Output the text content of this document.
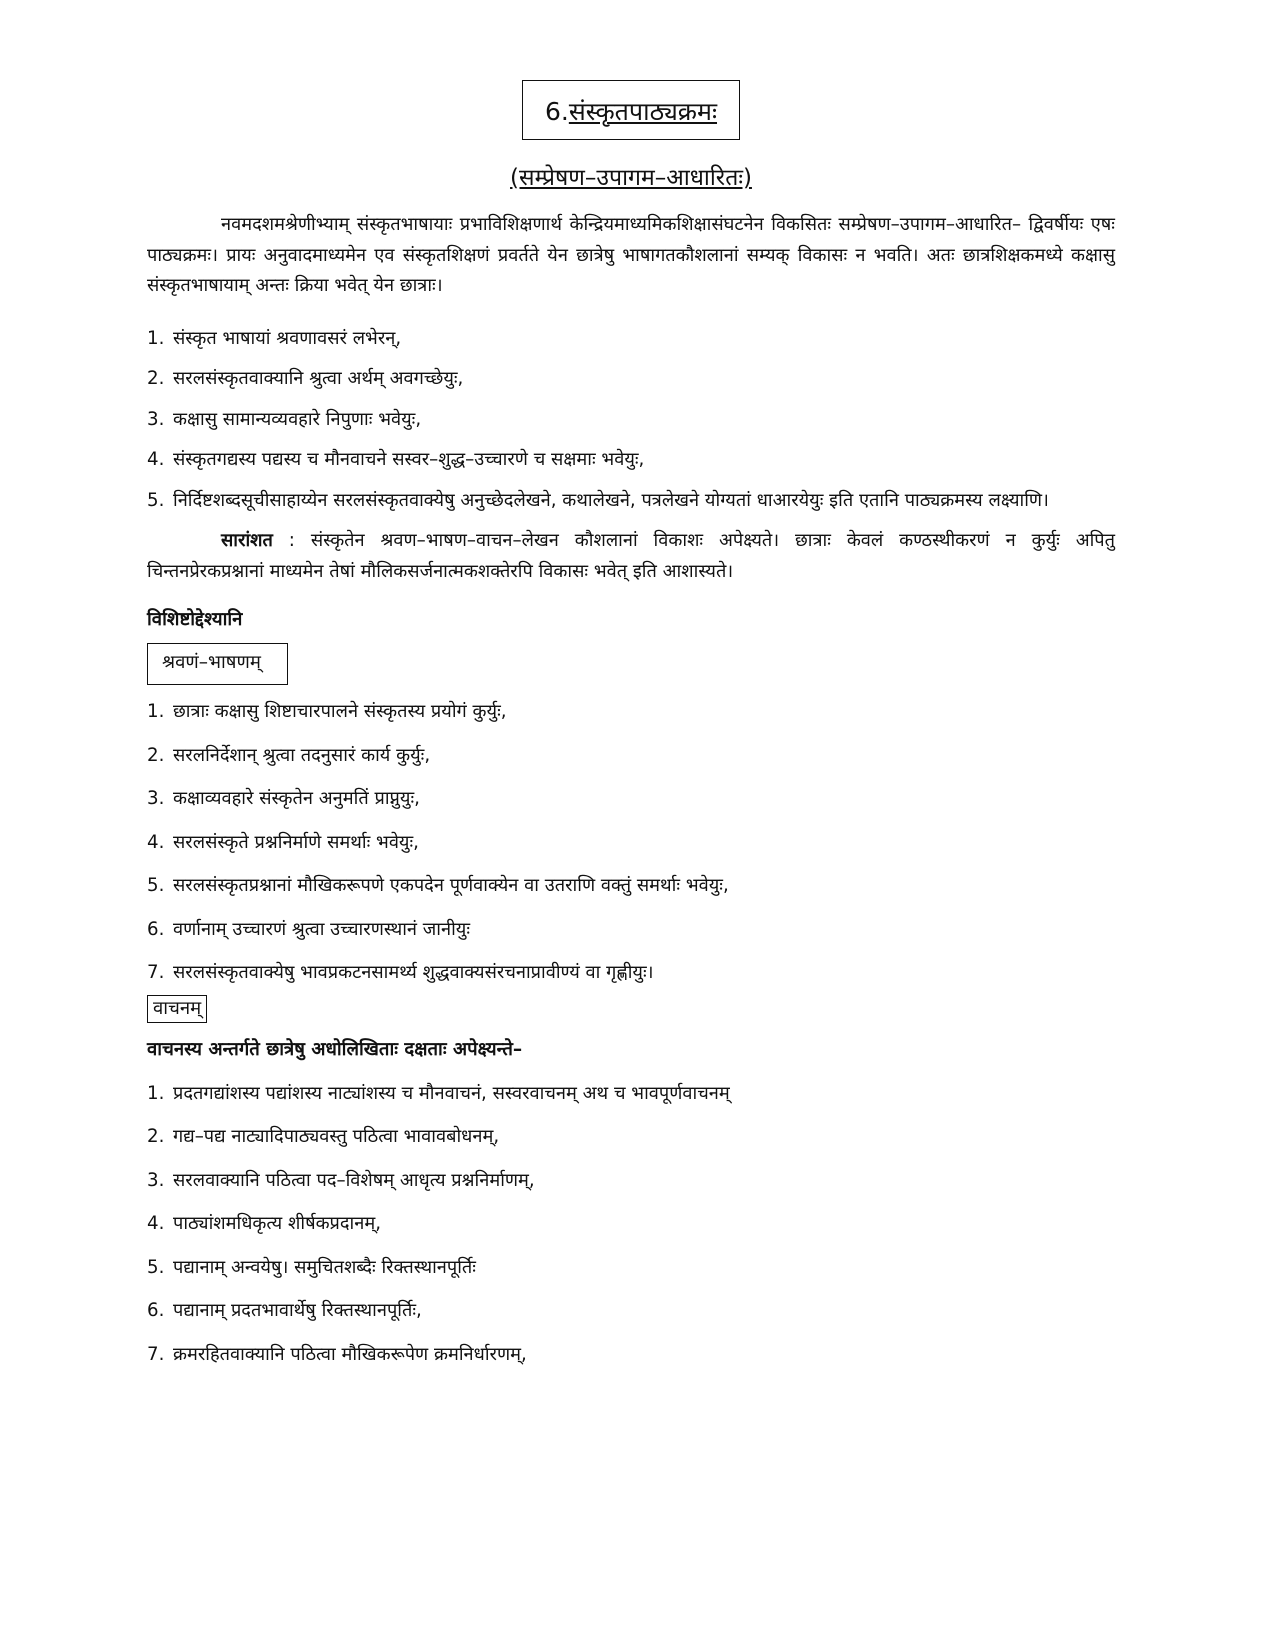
6.संस्कृतपाठ्यक्रमः
(सम्प्रेषण–उपागम–आधारितः)

नवमदशमश्रेणीभ्याम् संस्कृतभाषायाः प्रभाविशिक्षणार्थ केन्द्रियमाध्यमिकशिक्षासंघटनेन विकसितः सम्प्रेषण–उपागम–आधारित– द्विवर्षीयः एषः पाठ्यक्रमः। प्रायः अनुवादमाध्यमेन एव संस्कृतशिक्षणं प्रवर्तते येन छात्रेषु भाषागतकौशलानां सम्यक् विकासः न भवति। अतः छात्रशिक्षकमध्ये कक्षासु संस्कृतभाषायाम् अन्तः क्रिया भवेत् येन छात्राः।

1. संस्कृत भाषायां श्रवणावसरं लभेरन्,
2. सरलसंस्कृतवाक्यानि श्रुत्वा अर्थम् अवगच्छेयुः,
3. कक्षासु सामान्यव्यवहारे निपुणाः भवेयुः,
4. संस्कृतगद्यस्य पद्यस्य च मौनवाचने सस्वर–शुद्ध–उच्चारणे च सक्षमाः भवेयुः,
5. निर्दिष्टशब्दसूचीसाहाय्येन सरलसंस्कृतवाक्येषु अनुच्छेदलेखने, कथालेखने, पत्रलेखने योग्यतां धाआरयेयुः इति एतानि पाठ्यक्रमस्य लक्ष्याणि।

सारांशत : संस्कृतेन श्रवण–भाषण–वाचन–लेखन कौशलानां विकाशः अपेक्ष्यते। छात्राः केवलं कण्ठस्थीकरणं न कुर्युः अपितु चिन्तनप्रेरकप्रश्नानां माध्यमेन तेषां मौलिकसर्जनात्मकशक्तेरपि विकासः भवेत् इति आशास्यते।

विशिष्टोद्देश्यानि
श्रवणं–भाषणम्
1. छात्राः कक्षासु शिष्टाचारपालने संस्कृतस्य प्रयोगं कुर्युः,
2. सरलनिर्देशान् श्रुत्वा तदनुसारं कार्य कुर्युः,
3. कक्षाव्यवहारे संस्कृतेन अनुमतिं प्राप्नुयुः,
4. सरलसंस्कृते प्रश्ननिर्माणे समर्थाः भवेयुः,
5. सरलसंस्कृतप्रश्नानां मौखिकरूपणे एकपदेन पूर्णवाक्येन वा उतराणि वक्तुं समर्थाः भवेयुः,
6. वर्णानाम् उच्चारणं श्रुत्वा उच्चारणस्थानं जानीयुः
7. सरलसंस्कृतवाक्येषु भावप्रकटनसामर्थ्य शुद्धवाक्यसंरचनाप्रावीण्यं वा गृह्णीयुः।
वाचनम्
वाचनस्य अन्तर्गते छात्रेषु अधोलिखिताः दक्षताः अपेक्ष्यन्ते–
1. प्रदतगद्यांशस्य पद्यांशस्य नाट्यांशस्य च मौनवाचनं, सस्वरवाचनम् अथ च भावपूर्णवाचनम्
2. गद्य–पद्य नाट्यादिपाठ्यवस्तु पठित्वा भावावबोधनम्,
3. सरलवाक्यानि पठित्वा पद–विशेषम् आधृत्य प्रश्ननिर्माणम्,
4. पाठ्यांशमधिकृत्य शीर्षकप्रदानम्,
5. पद्यानाम् अन्वयेषु। समुचितशब्दैः रिक्तस्थानपूर्तिः
6. पद्यानाम् प्रदतभावार्थेषु रिक्तस्थानपूर्तिः,
7. क्रमरहितवाक्यानि पठित्वा मौखिकरूपेण क्रमनिर्धारणम्,
